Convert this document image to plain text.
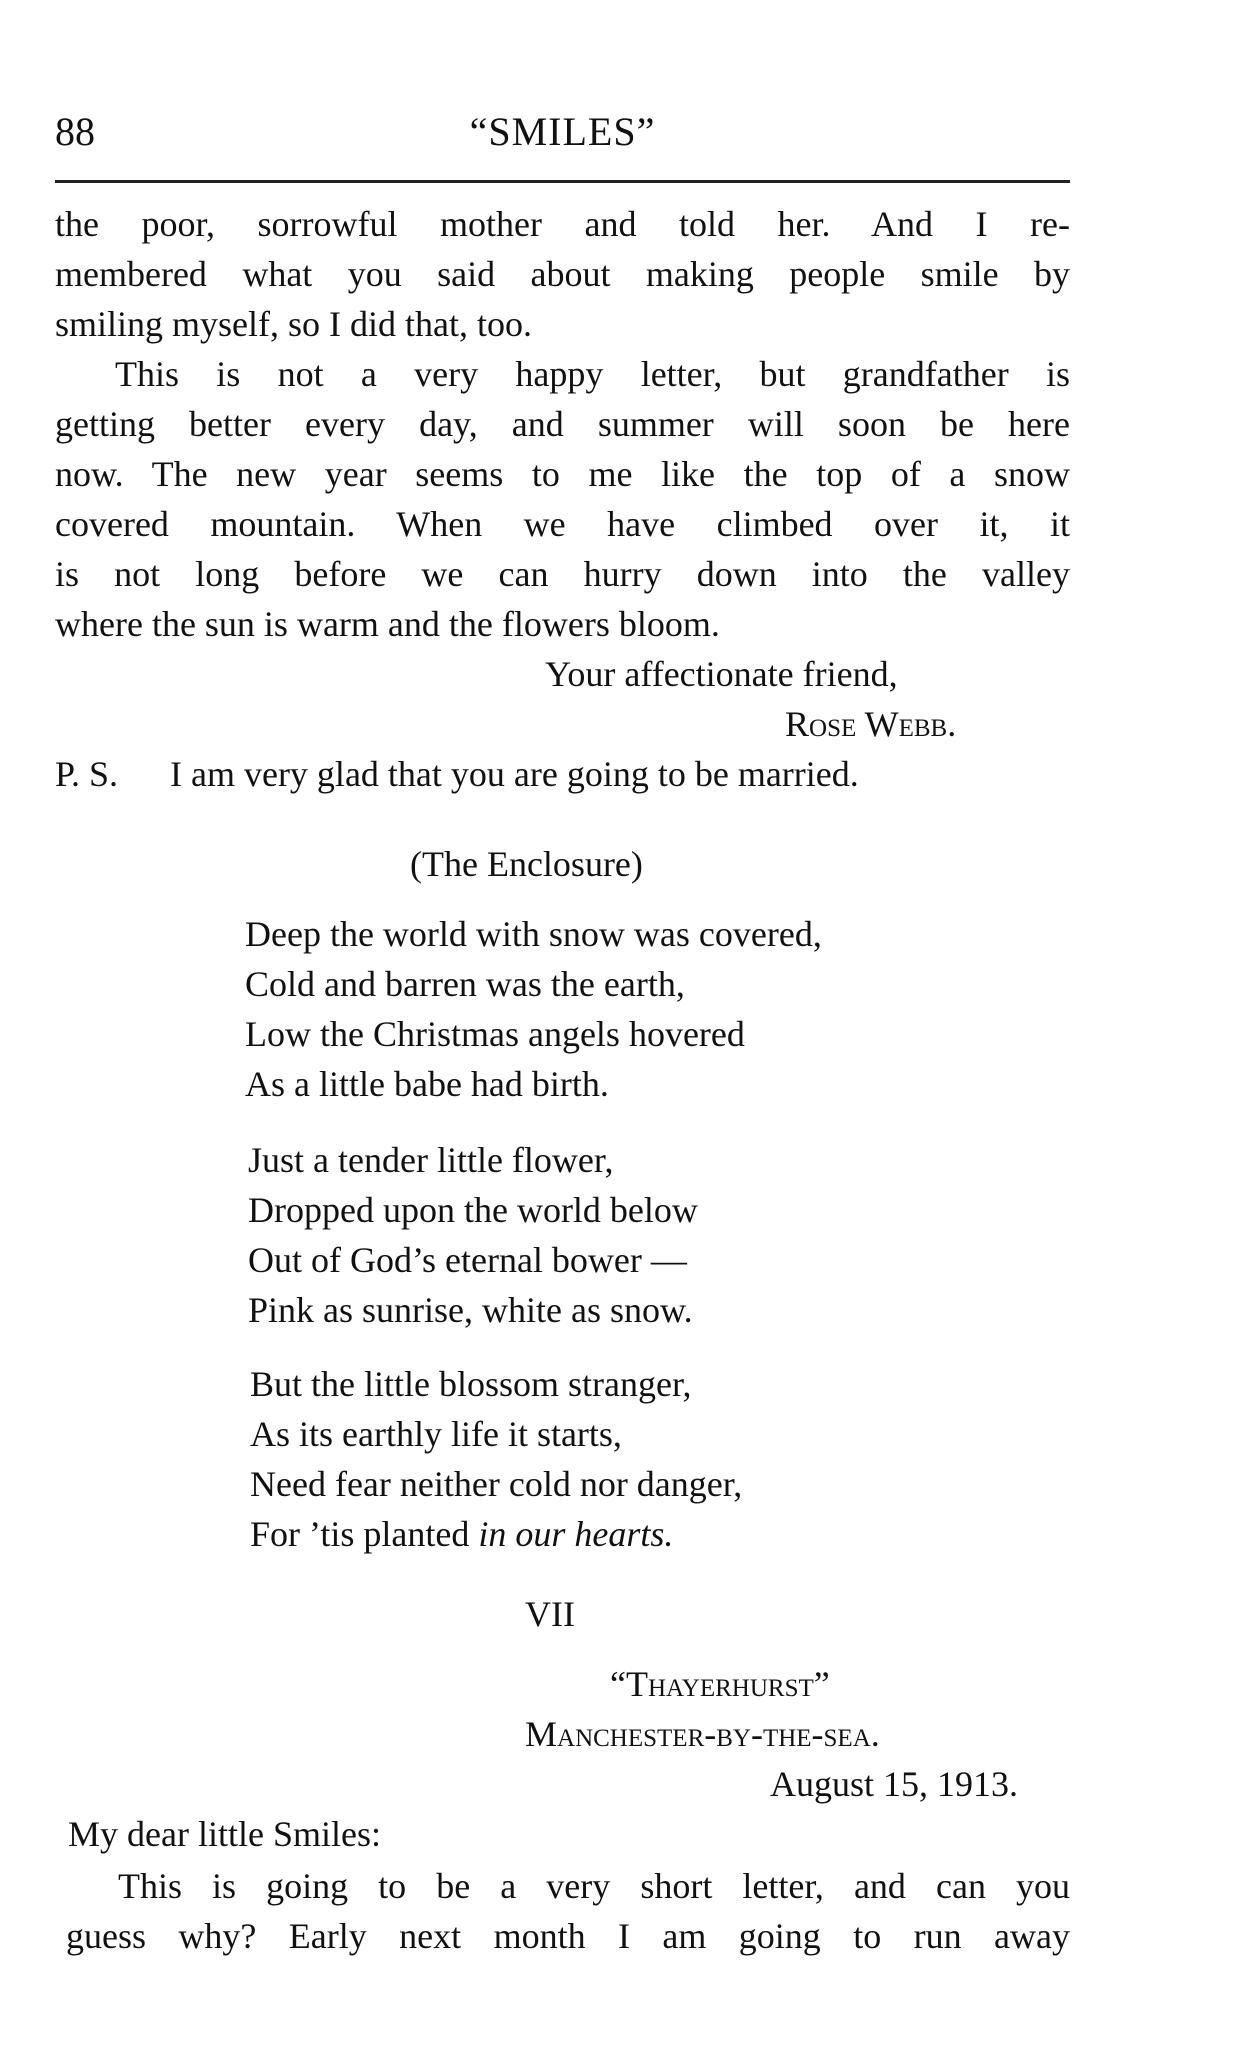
88	“SMILES”
the poor, sorrowful mother and told her. And I re-
membered what you said about making people smile by
smiling myself, so I did that, too.
This is not a very happy letter, but grandfather is
getting better every day, and summer will soon be here
now. The new year seems to me like the top of a snow
covered mountain. When we have climbed over it, it
is not long before we can hurry down into the valley
where the sun is warm and the flowers bloom.
Your affectionate friend,
Rose Webb.
P. S. I am very glad that you are going to be married.
(The Enclosure)
Deep the world with snow was covered,
Cold and barren was the earth,
Low the Christmas angels hovered
As a little babe had birth.
Just a tender little flower,
Dropped upon the world below
Out of God’s eternal bower —
Pink as sunrise, white as snow.
But the little blossom stranger,
As its earthly life it starts,
Need fear neither cold nor danger,
For ’tis planted in our hearts.
VII
“Thayerhurst”
Manchester-by-the-sea.
August 15, 1913.
My dear little Smiles:
This is going to be a very short letter, and can you
guess why? Early next month I am going to run away
